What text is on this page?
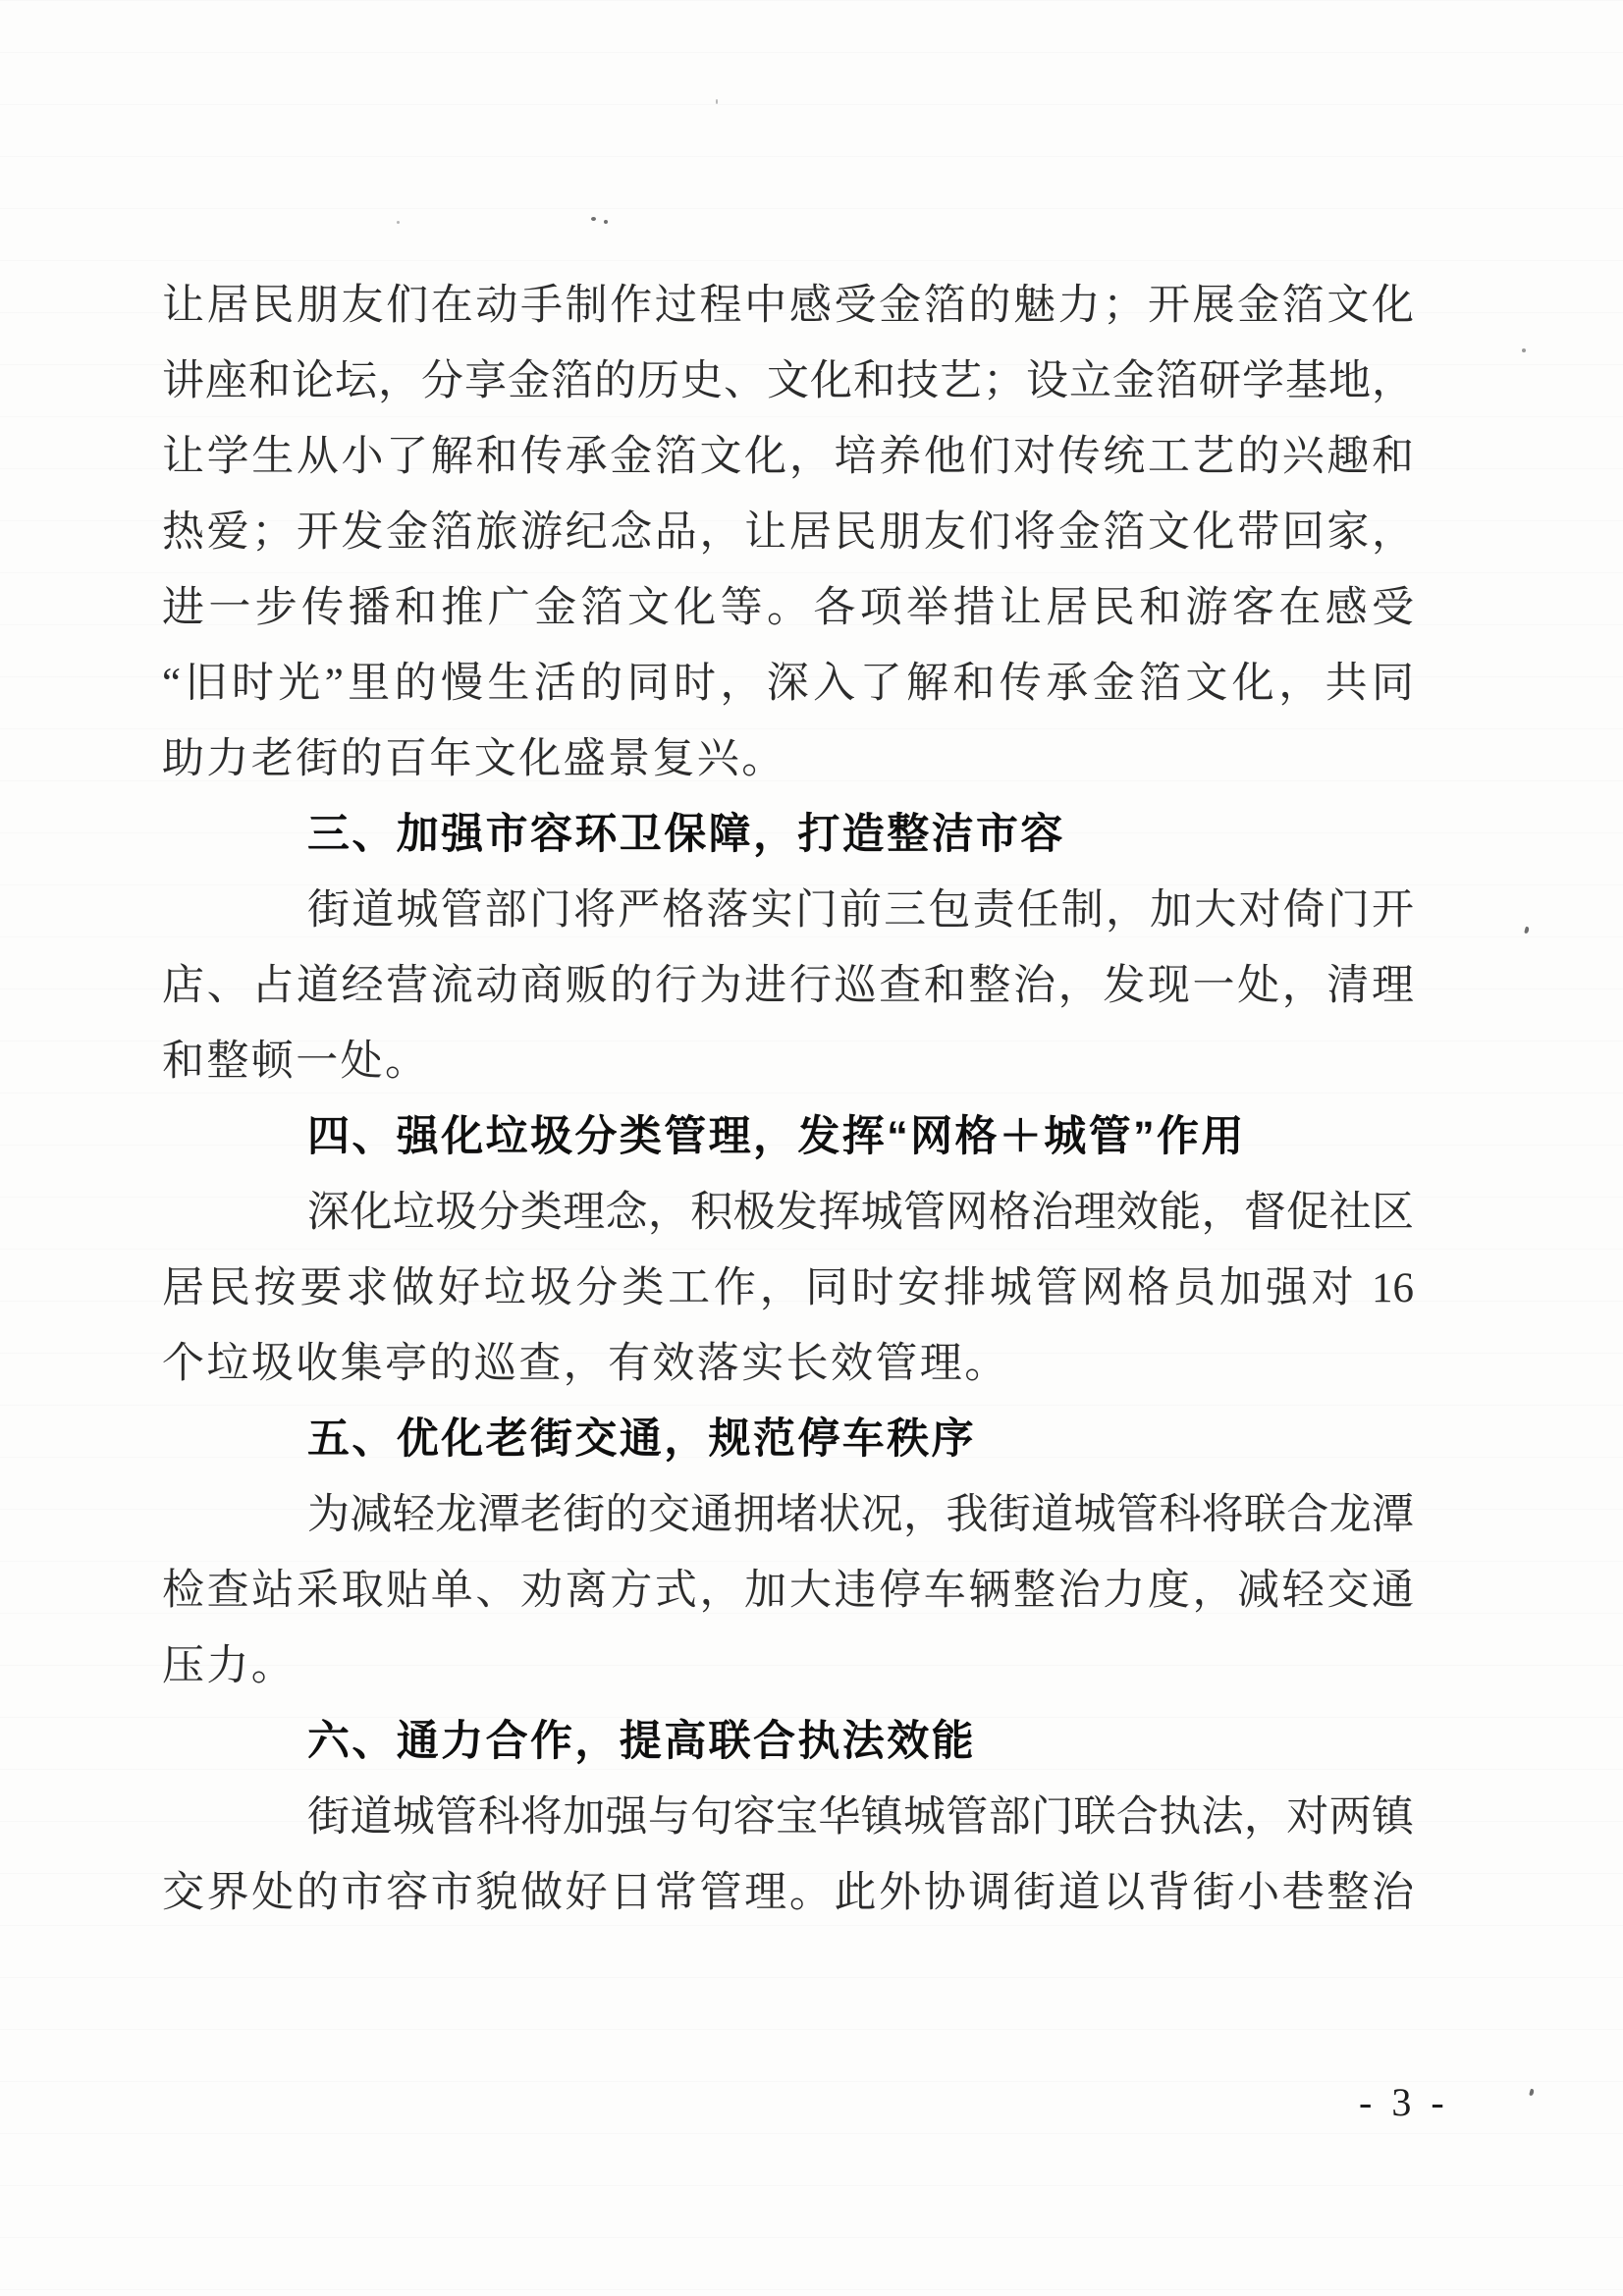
让居民朋友们在动手制作过程中感受金箔的魅力；开展金箔文化
讲座和论坛，分享金箔的历史、文化和技艺；设立金箔研学基地，
让学生从小了解和传承金箔文化，培养他们对传统工艺的兴趣和
热爱；开发金箔旅游纪念品，让居民朋友们将金箔文化带回家，
进一步传播和推广金箔文化等。各项举措让居民和游客在感受
“旧时光”里的慢生活的同时，深入了解和传承金箔文化，共同
助力老街的百年文化盛景复兴。
三、加强市容环卫保障，打造整洁市容
街道城管部门将严格落实门前三包责任制，加大对倚门开
店、占道经营流动商贩的行为进行巡查和整治，发现一处，清理
和整顿一处。
四、强化垃圾分类管理，发挥“网格＋城管”作用
深化垃圾分类理念，积极发挥城管网格治理效能，督促社区
居民按要求做好垃圾分类工作，同时安排城管网格员加强对 16
个垃圾收集亭的巡查，有效落实长效管理。
五、优化老街交通，规范停车秩序
为减轻龙潭老街的交通拥堵状况，我街道城管科将联合龙潭
检查站采取贴单、劝离方式，加大违停车辆整治力度，减轻交通
压力。
六、通力合作，提高联合执法效能
街道城管科将加强与句容宝华镇城管部门联合执法，对两镇
交界处的市容市貌做好日常管理。此外协调街道以背街小巷整治
- 3 -
